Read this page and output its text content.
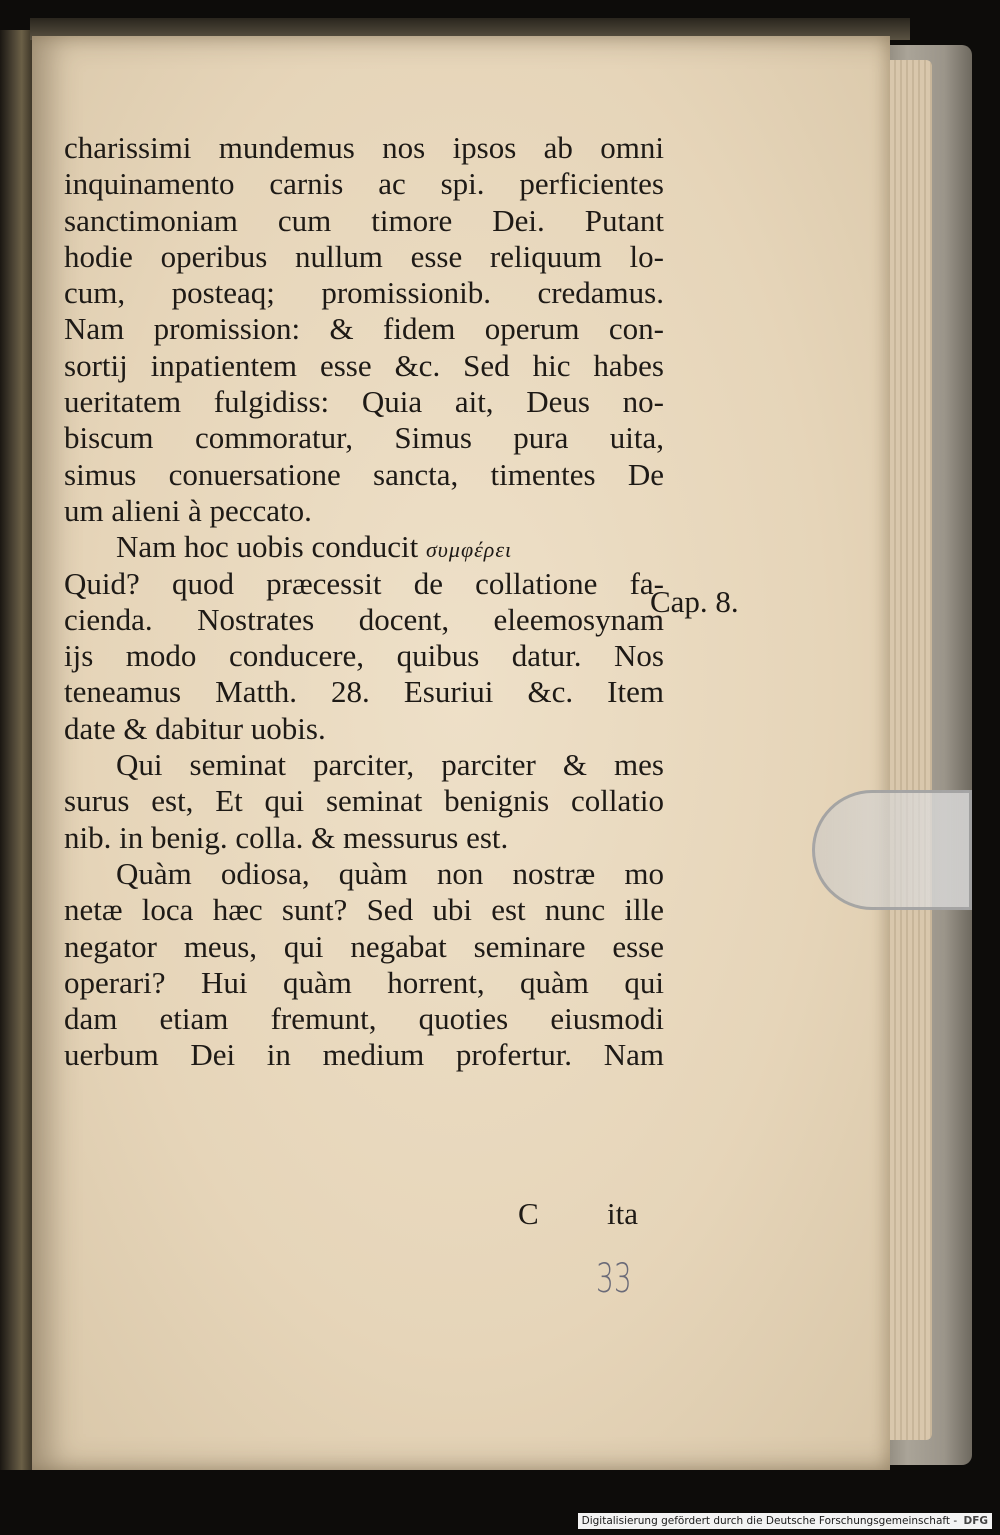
charissimi mundemus nos ipsos ab omni
inquinamento carnis ac spi. perficientes
sanctimoniam cum timore Dei. Putant
hodie operibus nullum esse reliquum lo-
cum, posteaq; promissionib. credamus.
Nam promission: & fidem operum con-
sortij inpatientem esse &c. Sed hic habes
ueritatem fulgidiss: Quia ait, Deus no-
biscum commoratur, Simus pura uita,
simus conuersatione sancta, timentes De
um alieni à peccato.
Nam hoc uobis conducit συμφέρει
Quid? quod præcessit de collatione fa-
cienda. Nostrates docent, eleemosynam
ijs modo conducere, quibus datur. Nos
teneamus Matth. 28. Esuriui &c. Item
date & dabitur uobis.
Qui seminat parciter, parciter & mes
surus est, Et qui seminat benignis collatio
nib. in benig. colla. & messurus est.
Quàm odiosa, quàm non nostræ mo
netæ loca hæc sunt? Sed ubi est nunc ille
negator meus, qui negabat seminare esse
operari? Hui quàm horrent, quàm qui
dam etiam fremunt, quoties eiusmodi
uerbum Dei in medium profertur. Nam
Cap. 8.
C ita
33
Digitalisierung gefördert durch die Deutsche Forschungsgemeinschaft - DFG
